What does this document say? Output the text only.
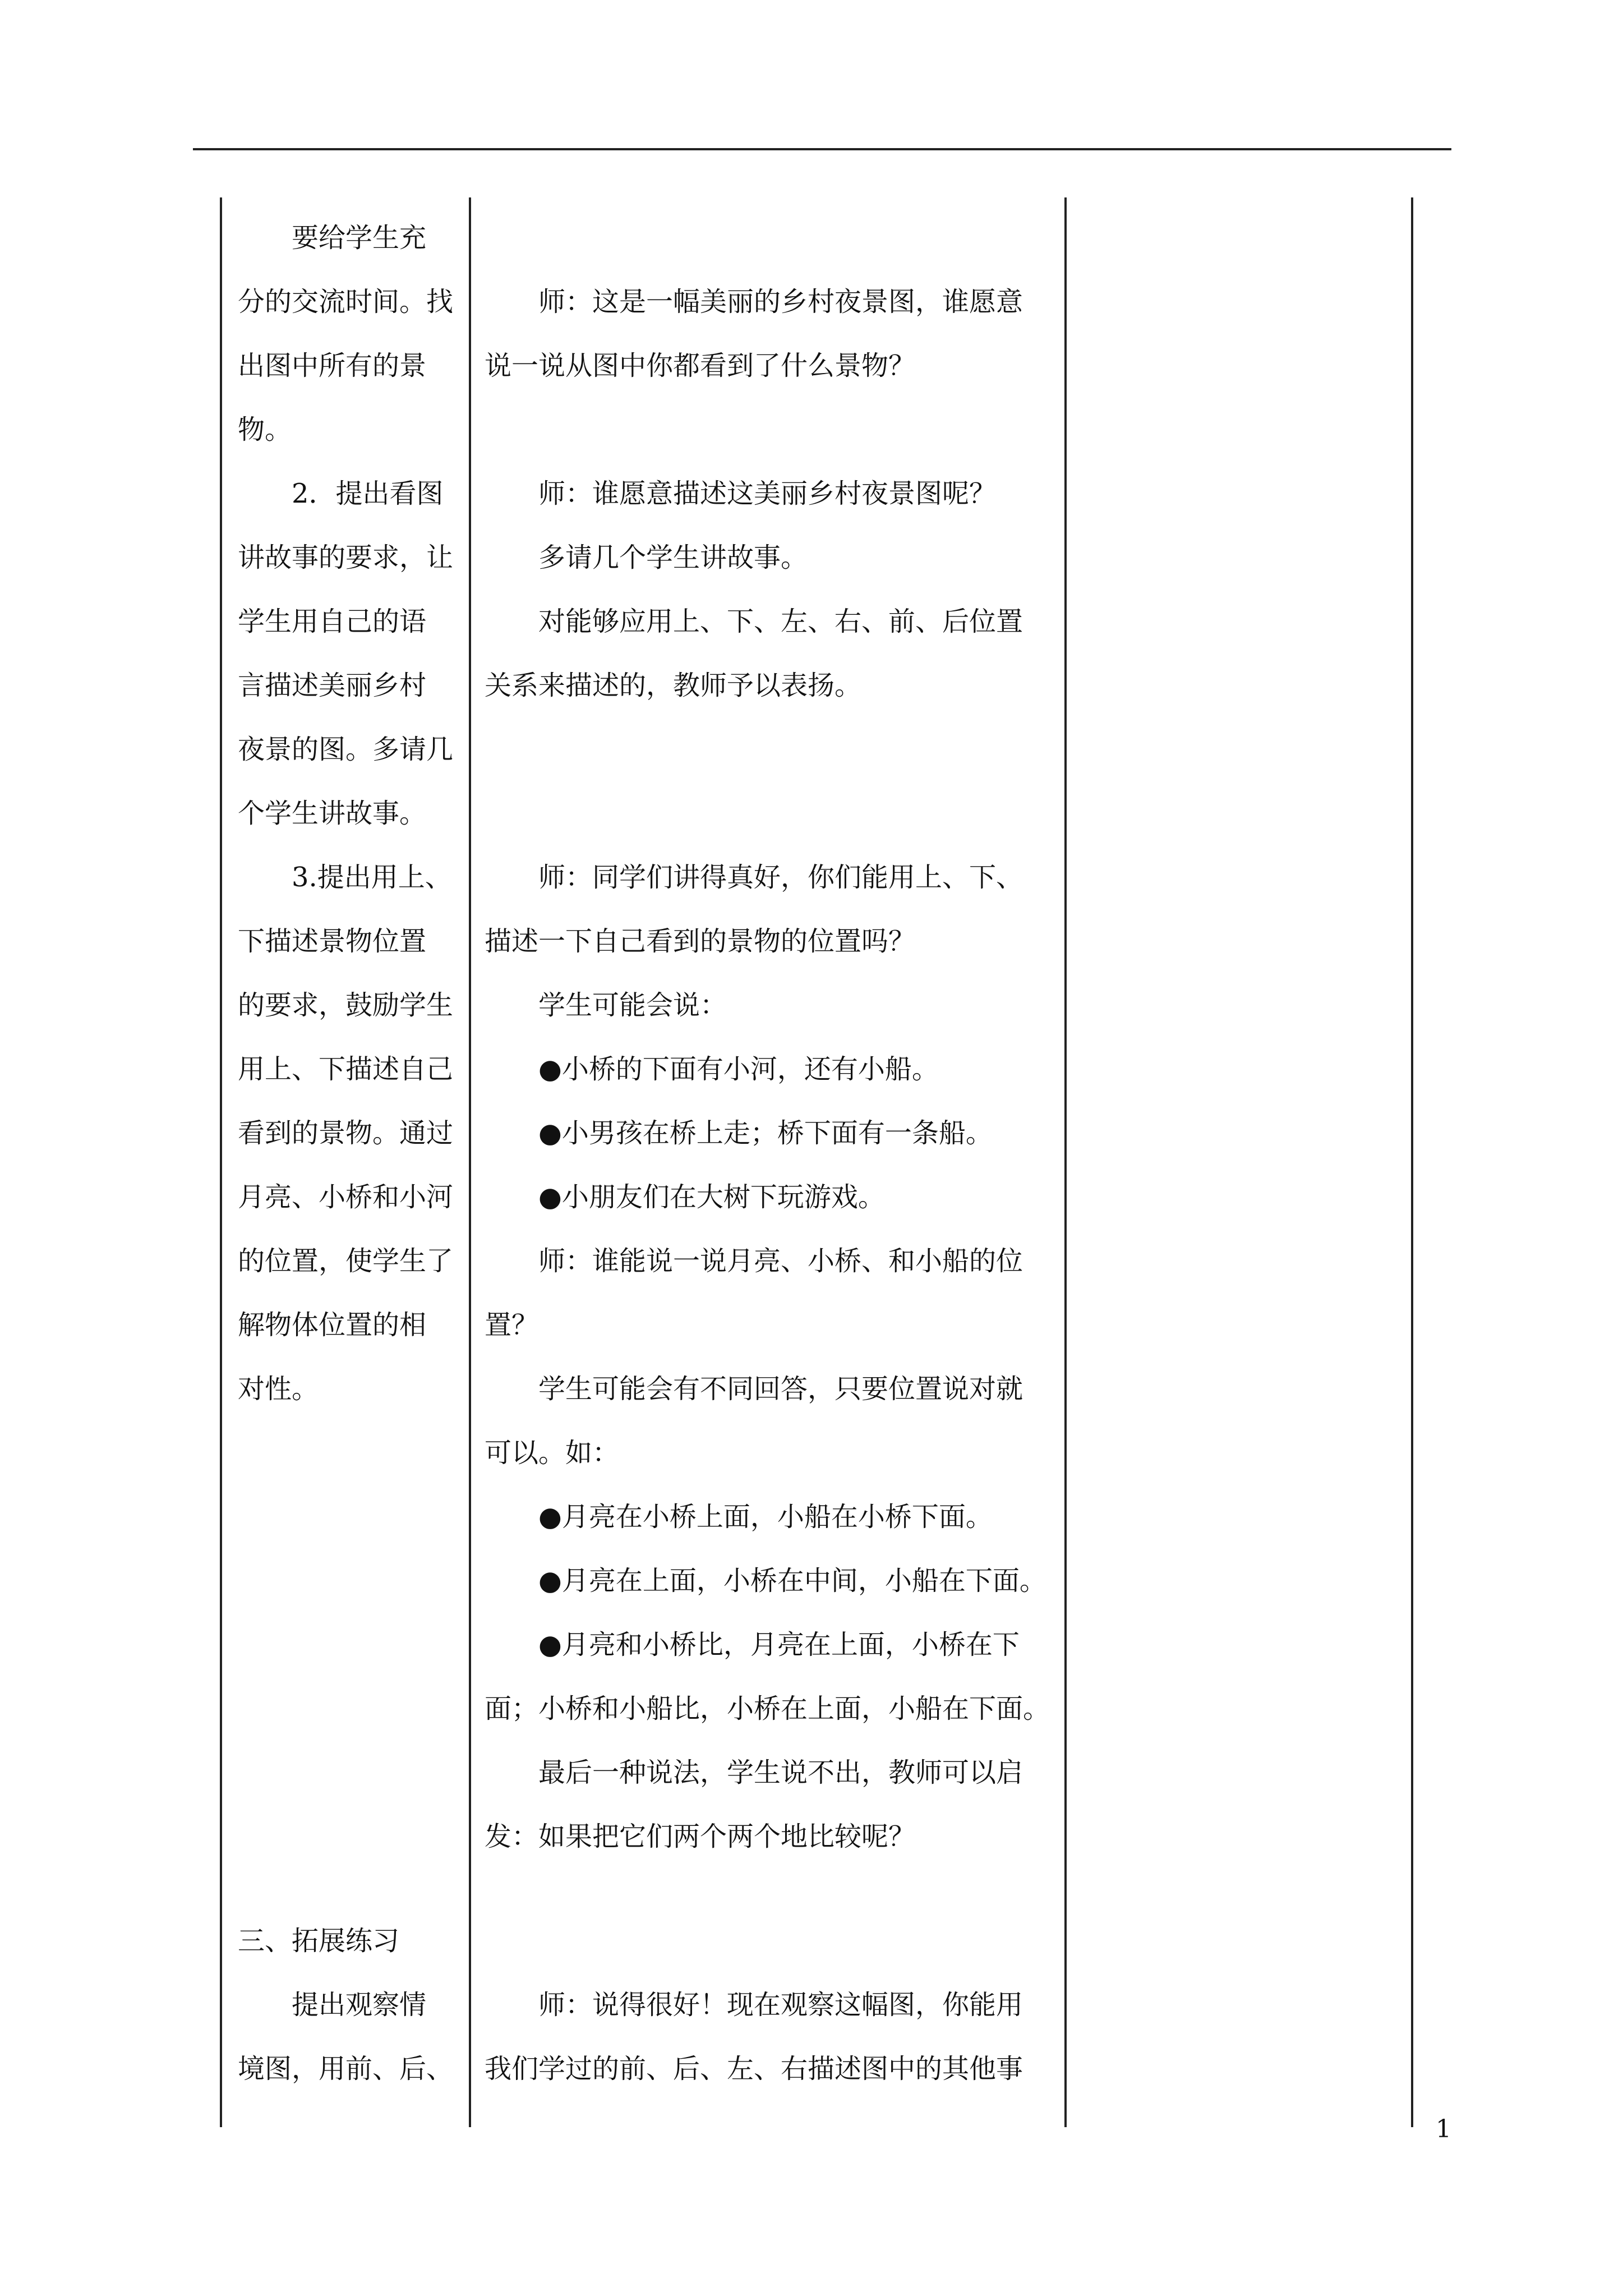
　　要给学生充
分的交流时间。找
出图中所有的景
物。
　　2．提出看图
讲故事的要求，让
学生用自己的语
言描述美丽乡村
夜景的图。多请几
个学生讲故事。
　　3.提出用上、
下描述景物位置
的要求，鼓励学生
用上、下描述自己
看到的景物。通过
月亮、小桥和小河
的位置，使学生了
解物体位置的相
对性。
三、拓展练习
　　提出观察情
境图，用前、后、
　　师：这是一幅美丽的乡村夜景图，谁愿意
说一说从图中你都看到了什么景物？
　　师：谁愿意描述这美丽乡村夜景图呢？
　　多请几个学生讲故事。
　　对能够应用上、下、左、右、前、后位置
关系来描述的，教师予以表扬。
　　师：同学们讲得真好，你们能用上、下、
描述一下自己看到的景物的位置吗？
　　学生可能会说：
　　●小桥的下面有小河，还有小船。
　　●小男孩在桥上走；桥下面有一条船。
　　●小朋友们在大树下玩游戏。
　　师：谁能说一说月亮、小桥、和小船的位
置？
　　学生可能会有不同回答，只要位置说对就
可以。如：
　　●月亮在小桥上面，小船在小桥下面。
　　●月亮在上面，小桥在中间，小船在下面。
　　●月亮和小桥比，月亮在上面，小桥在下
面；小桥和小船比，小桥在上面，小船在下面。
　　最后一种说法，学生说不出，教师可以启
发：如果把它们两个两个地比较呢？
　　师：说得很好！现在观察这幅图，你能用
我们学过的前、后、左、右描述图中的其他事
1
